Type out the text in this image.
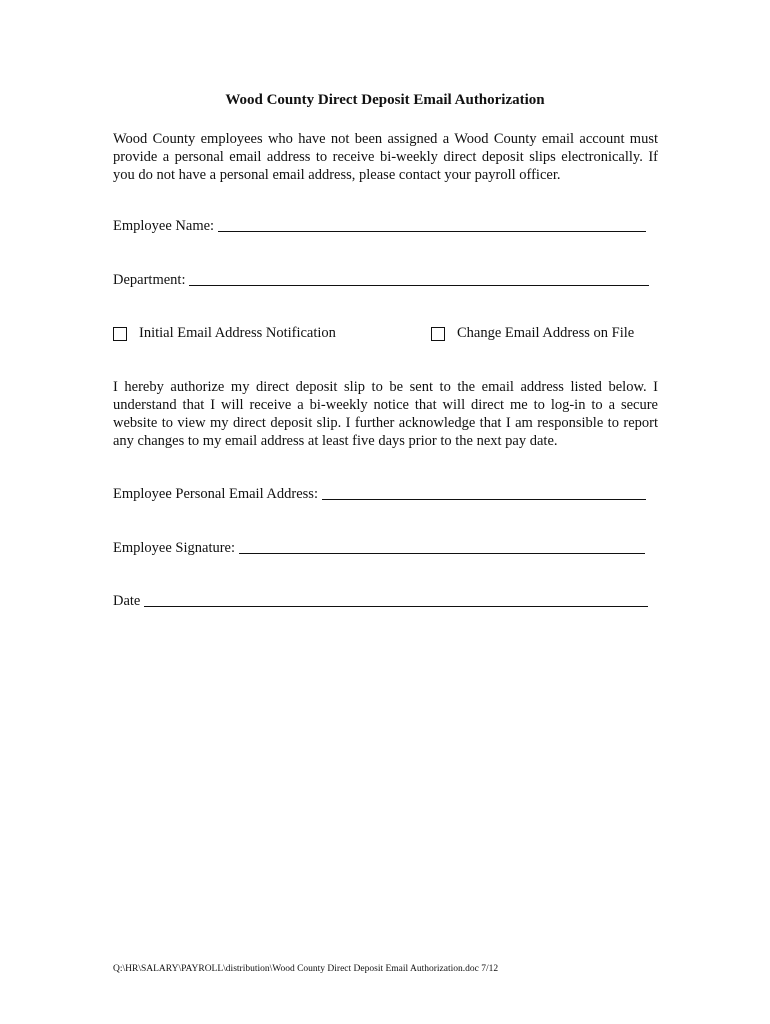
Wood County Direct Deposit Email Authorization
Wood County employees who have not been assigned a Wood County email account must provide a personal email address to receive bi-weekly direct deposit slips electronically. If you do not have a personal email address, please contact your payroll officer.
Employee Name:
Department:
Initial Email Address Notification	Change Email Address on File
I hereby authorize my direct deposit slip to be sent to the email address listed below. I understand that I will receive a bi-weekly notice that will direct me to log-in to a secure website to view my direct deposit slip. I further acknowledge that I am responsible to report any changes to my email address at least five days prior to the next pay date.
Employee Personal Email Address:
Employee Signature:
Date
Q:\HR\SALARY\PAYROLL\distribution\Wood County Direct Deposit Email Authorization.doc 7/12
